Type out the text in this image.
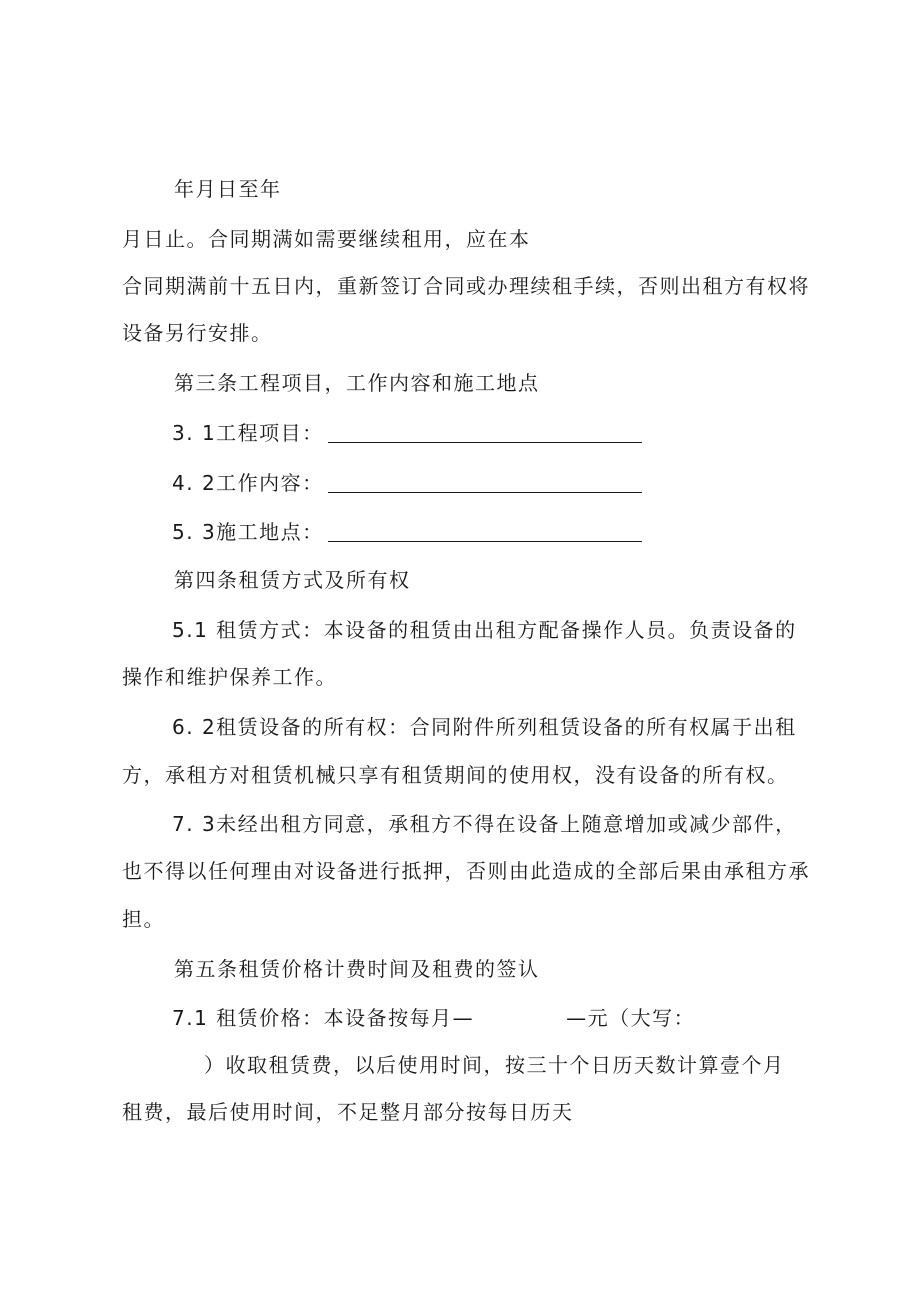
年月日至年
月日止。合同期满如需要继续租用，应在本
合同期满前十五日内，重新签订合同或办理续租手续，否则出租方有权将
设备另行安排。
第三条工程项目，工作内容和施工地点
3. 1工程项目：
4. 2工作内容：
5. 3施工地点：
第四条租赁方式及所有权
5.1 租赁方式：本设备的租赁由出租方配备操作人员。负责设备的
操作和维护保养工作。
6. 2租赁设备的所有权：合同附件所列租赁设备的所有权属于出租
方，承租方对租赁机械只享有租赁期间的使用权，没有设备的所有权。
7. 3未经出租方同意，承租方不得在设备上随意增加或减少部件，
也不得以任何理由对设备进行抵押，否则由此造成的全部后果由承租方承
担。
第五条租赁价格计费时间及租费的签认
7.1 租赁价格：本设备按每月—	—元（大写：
）收取租赁费，以后使用时间，按三十个日历天数计算壹个月
租费，最后使用时间，不足整月部分按每日历天
